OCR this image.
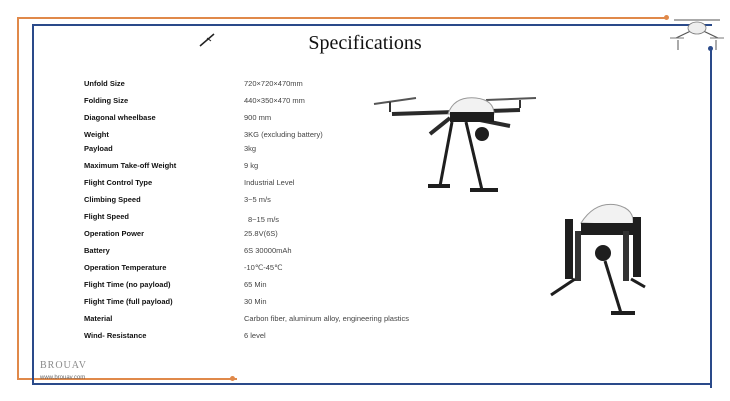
Specifications
Unfold Size	720×720×470mm
Folding Size	440×350×470 mm
Diagonal wheelbase	900 mm
Weight	3KG (excluding battery)
Payload	3kg
Maximum Take-off Weight	9 kg
Flight Control Type	Industrial Level
Climbing Speed	3~5 m/s
Flight Speed	8~15 m/s
Operation Power	25.8V(6S)
Battery	6S 30000mAh
Operation Temperature	-10℃-45℃
Flight Time (no payload)	65 Min
Flight Time (full payload)	30 Min
Material	Carbon fiber, aluminum alloy, engineering plastics
Wind- Resistance	6 level
BROUAV
www.brouav.com
